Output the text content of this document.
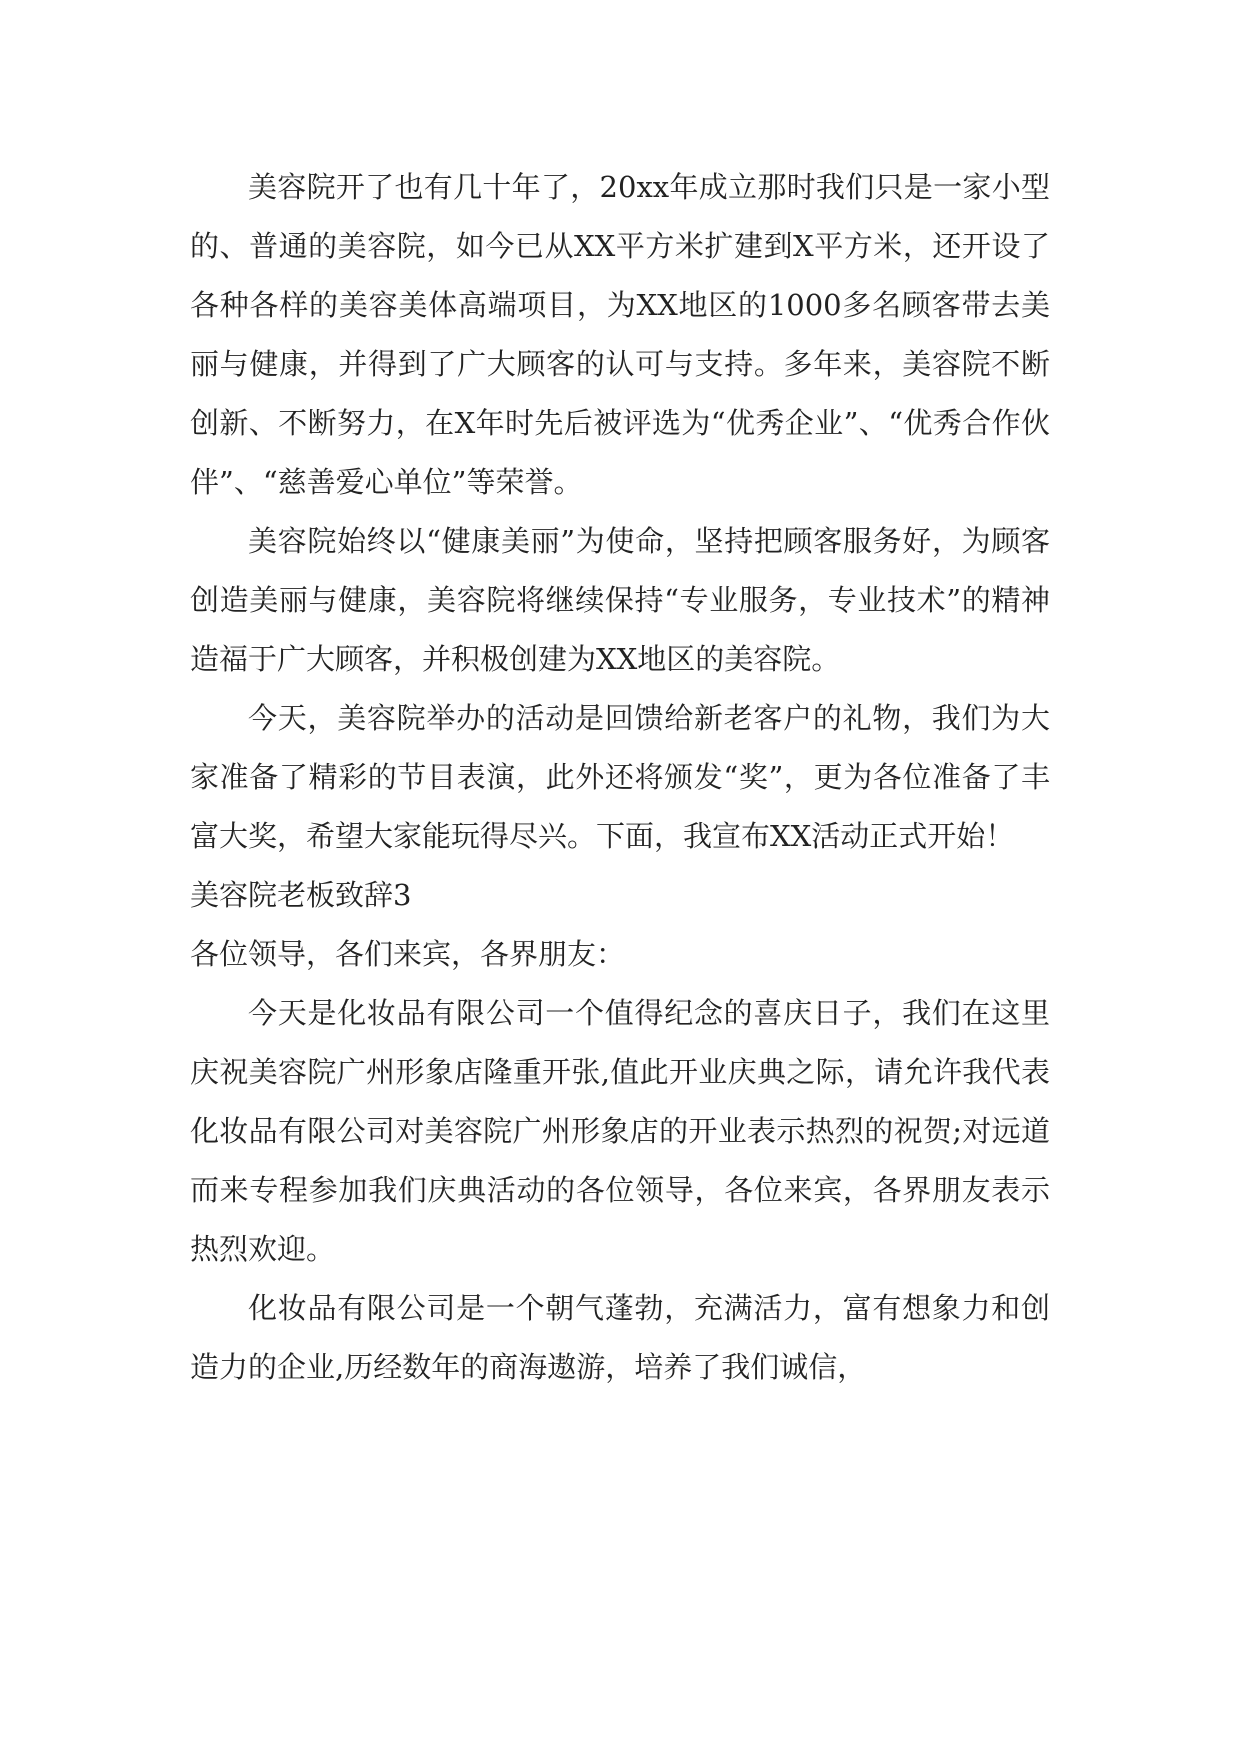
美容院开了也有几十年了，20xx年成立那时我们只是一家小型的、普通的美容院，如今已从XX平方米扩建到X平方米，还开设了各种各样的美容美体高端项目，为XX地区的1000多名顾客带去美丽与健康，并得到了广大顾客的认可与支持。多年来，美容院不断创新、不断努力，在X年时先后被评选为“优秀企业”、“优秀合作伙伴”、“慈善爱心单位”等荣誉。

美容院始终以“健康美丽”为使命，坚持把顾客服务好，为顾客创造美丽与健康，美容院将继续保持“专业服务，专业技术”的精神造福于广大顾客，并积极创建为XX地区的美容院。

今天，美容院举办的活动是回馈给新老客户的礼物，我们为大家准备了精彩的节目表演，此外还将颁发“奖”，更为各位准备了丰富大奖，希望大家能玩得尽兴。下面，我宣布XX活动正式开始！

美容院老板致辞3

各位领导，各们来宾，各界朋友：

今天是化妆品有限公司一个值得纪念的喜庆日子，我们在这里庆祝美容院广州形象店隆重开张,值此开业庆典之际，请允许我代表化妆品有限公司对美容院广州形象店的开业表示热烈的祝贺;对远道而来专程参加我们庆典活动的各位领导，各位来宾，各界朋友表示热烈欢迎。

化妆品有限公司是一个朝气蓬勃，充满活力，富有想象力和创造力的企业,历经数年的商海遨游，培养了我们诚信，
